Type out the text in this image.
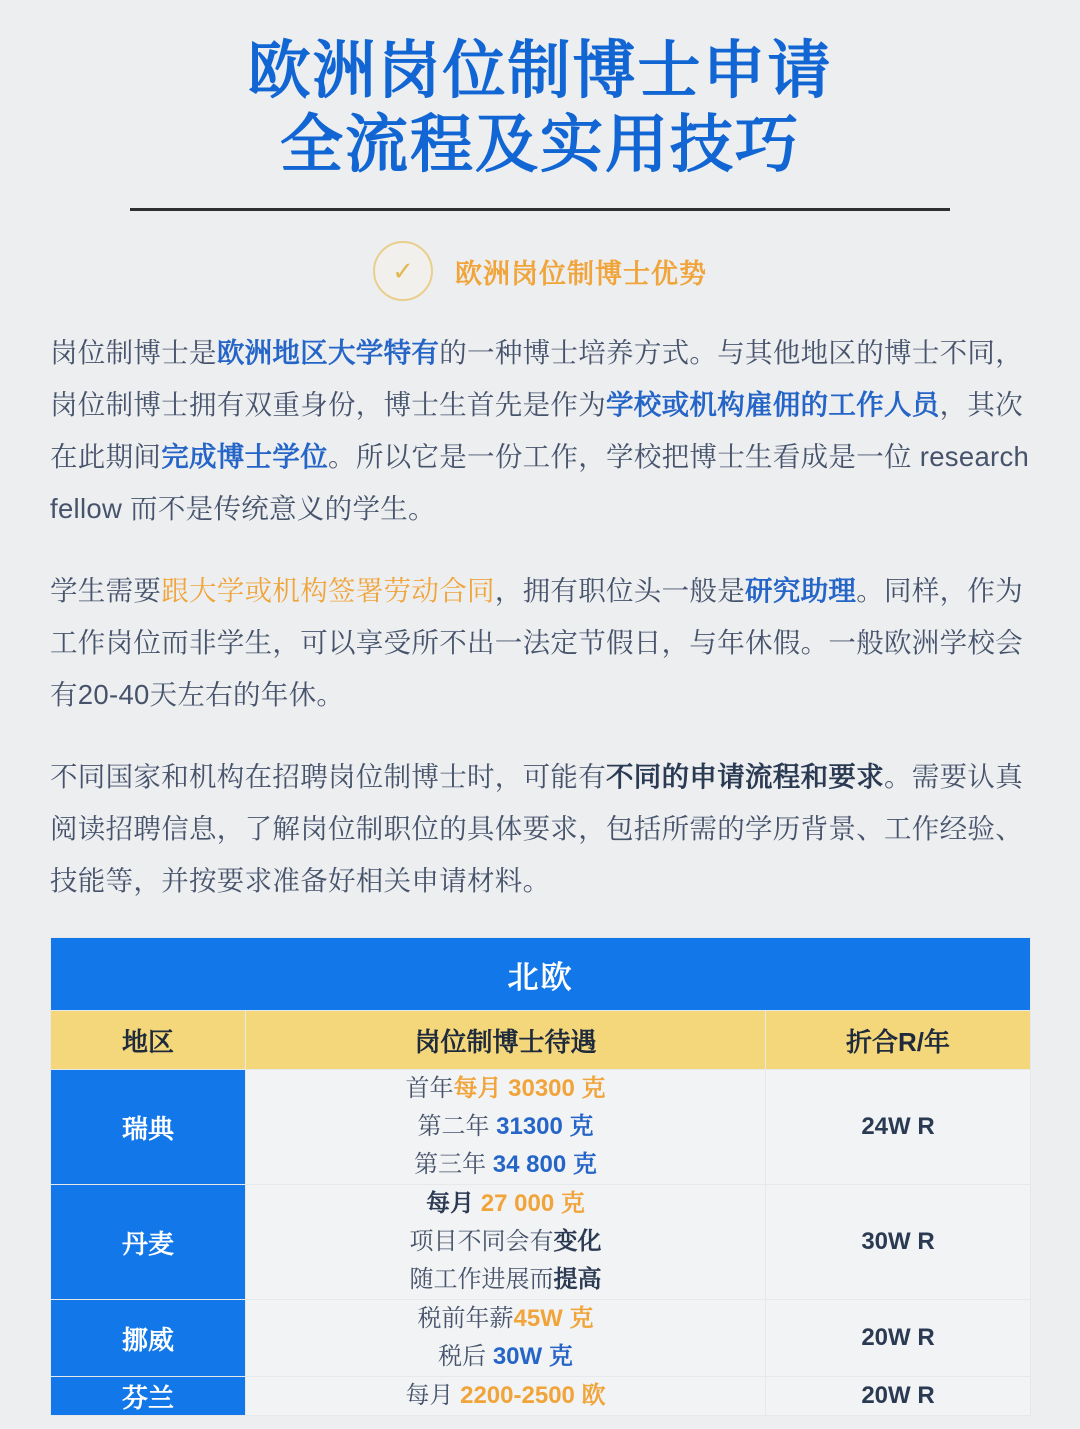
欧洲岗位制博士申请
全流程及实用技巧
✓ 欧洲岗位制博士优势

岗位制博士是欧洲地区大学特有的一种博士培养方式。与其他地区的博士不同，岗位制博士拥有双重身份，博士生首先是作为学校或机构雇佣的工作人员，其次在此期间完成博士学位。所以它是一份工作，学校把博士生看成是一位 research fellow 而不是传统意义的学生。

学生需要跟大学或机构签署劳动合同，拥有职位头一般是研究助理。同样，作为工作岗位而非学生，可以享受所不出一法定节假日，与年休假。一般欧洲学校会有20-40天左右的年休。

不同国家和机构在招聘岗位制博士时，可能有不同的申请流程和要求。需要认真阅读招聘信息，了解岗位制职位的具体要求，包括所需的学历背景、工作经验、技能等，并按要求准备好相关申请材料。

北欧		
地区	岗位制博士待遇	折合R/年
瑞典	首年每月 30300 克
第二年 31300 克
第三年 34 800 克	24W R
丹麦	每月 27 000 克
项目不同会有变化
随工作进展而提高	30W R
挪威	税前年薪45W 克
税后 30W 克	20W R
芬兰	每月 2200-2500 欧	20W R
